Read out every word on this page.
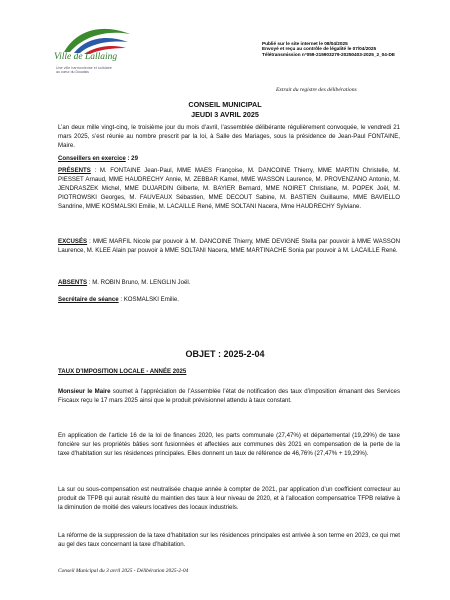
Ville de Lallaing
Une ville harmonieuse et solidaire
au coeur du Douaisis
Publié sur le site internet le 08/04/2025
Envoyé et reçu au contrôle de légalité le 07/04/2025
Télétransmission n°059-215903279-20250403-2025_2_04-DE
Extrait du registre des délibérations
CONSEIL MUNICIPAL
JEUDI 3 AVRIL 2025
L’an deux mille vingt-cinq, le troisième jour du mois d’avril, l’assemblée délibérante régulièrement convoquée, le vendredi 21 mars 2025, s’est réunie au nombre prescrit par la loi, à Salle des Mariages, sous la présidence de Jean-Paul FONTAINE, Maire.
Conseillers en exercice : 29
PRÉSENTS : M. FONTAINE Jean-Paul, MME MAES Françoise, M. DANCOINE Thierry, MME MARTIN Christelle, M. PIESSET Arnaud, MME HAUDRECHY Annie, M. ZEBBAR Kamel, MME WASSON Laurence, M. PROVENZANO Antonio, M. JENDRASZEK Michel, MME DUJARDIN Gilberte, M. BAYIER Bernard, MME NOIRET Christiane, M. POPEK Joël, M. PIOTROWSKI Georges, M. FAUVEAUX Sébastien, MME DECOUT Sabine, M. BASTIEN Guillaume, MME BAVIELLO Sandrine, MME KOSMALSKI Emilie, M. LACAILLE René, MME SOLTANI Nacera, Mme HAUDRECHY Sylviane.
EXCUSÉS : MME MARFIL Nicole par pouvoir à M. DANCOINE Thierry, MME DEVIGNE Stella par pouvoir à MME WASSON Laurence, M. KLEE Alain par pouvoir à MME SOLTANI Nacera, MME MARTINACHE Sonia par pouvoir à M. LACAILLE René.
ABSENTS : M. ROBIN Bruno, M. LENGLIN Joël.
Secrétaire de séance : KOSMALSKI Emilie.
OBJET : 2025-2-04
TAUX D’IMPOSITION LOCALE - ANNÉE 2025
Monsieur le Maire soumet à l’appréciation de l’Assemblée l’état de notification des taux d’imposition émanant des Services Fiscaux reçu le 17 mars 2025 ainsi que le produit prévisionnel attendu à taux constant.
En application de l’article 16 de la loi de finances 2020, les parts communale (27,47%) et départemental (19,29%) de taxe foncière sur les propriétés bâties sont fusionnées et affectées aux communes dès 2021 en compensation de la perte de la taxe d’habitation sur les résidences principales. Elles donnent un taux de référence de 46,76% (27,47% + 19,29%).
La sur ou sous-compensation est neutralisée chaque année à compter de 2021, par application d’un coefficient correcteur au produit de TFPB qui aurait résulté du maintien des taux à leur niveau de 2020, et à l’allocation compensatrice TFPB relative à la diminution de moitié des valeurs locatives des locaux industriels.
La réforme de la suppression de la taxe d’habitation sur les résidences principales est arrivée à son terme en 2023, ce qui met au gel des taux concernant la taxe d’habitation.
Conseil Municipal du 3 avril 2025 - Délibération 2025-2-04
